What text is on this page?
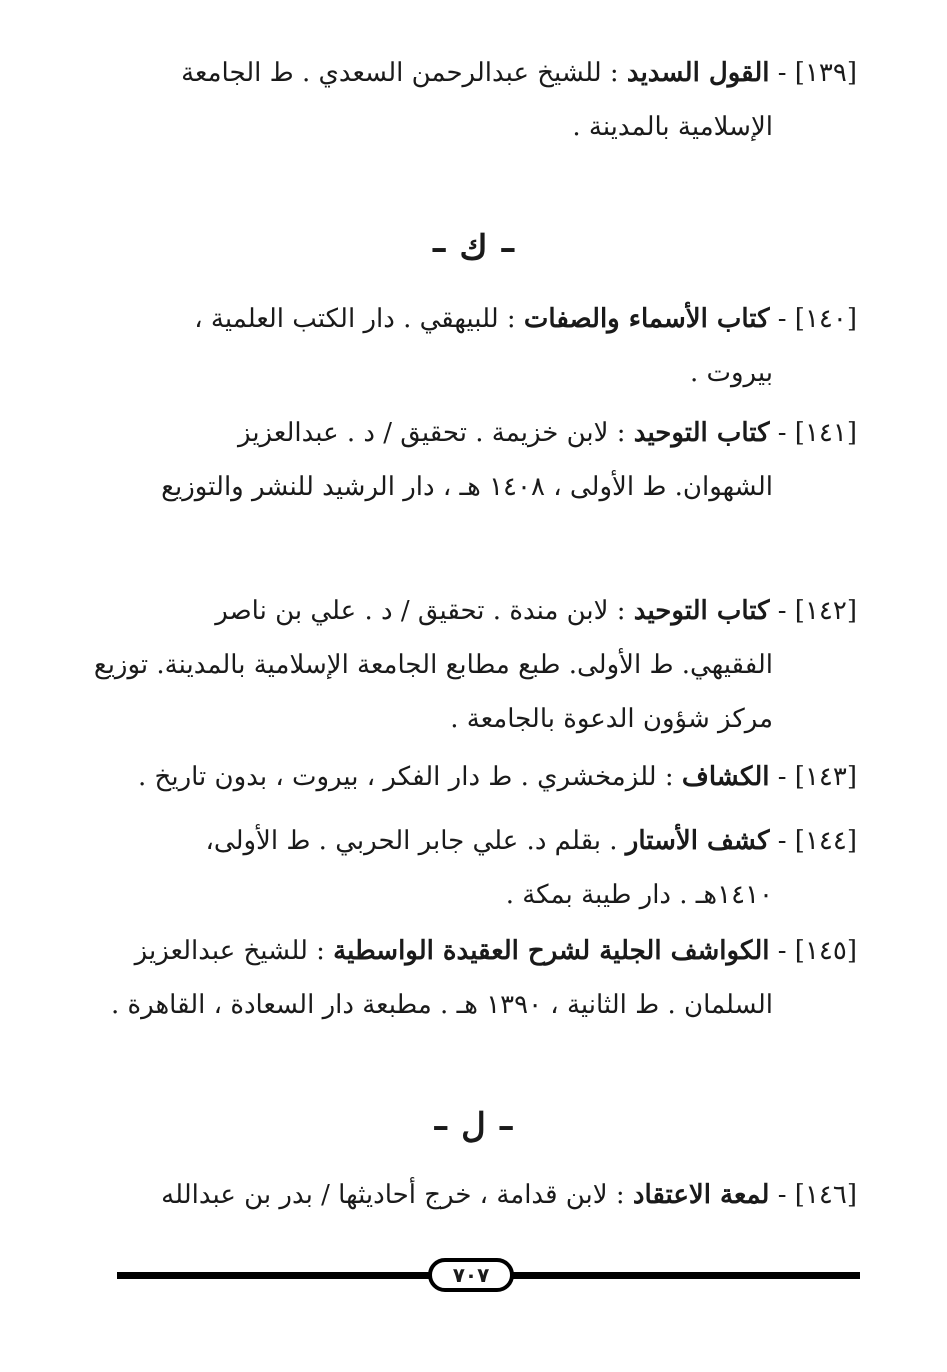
[١٣٩] - القول السديد : للشيخ عبدالرحمن السعدي . ط الجامعة
الإسلامية بالمدينة .
– ك –
[١٤٠] - كتاب الأسماء والصفات : للبيهقي . دار الكتب العلمية ،
بيروت .
[١٤١] - كتاب التوحيد : لابن خزيمة . تحقيق / د . عبدالعزيز
الشهوان. ط الأولى ، ١٤٠٨ هـ ، دار الرشيد للنشر والتوزيع
[١٤٢] - كتاب التوحيد : لابن مندة . تحقيق / د . علي بن ناصر
الفقيهي. ط الأولى. طبع مطابع الجامعة الإسلامية بالمدينة. توزيع
مركز شؤون الدعوة بالجامعة .
[١٤٣] - الكشاف : للزمخشري . ط دار الفكر ، بيروت ، بدون تاريخ .
[١٤٤] - كشف الأستار . بقلم د. علي جابر الحربي . ط الأولى،
١٤١٠هـ . دار طيبة بمكة .
[١٤٥] - الكواشف الجلية لشرح العقيدة الواسطية : للشيخ عبدالعزيز
السلمان . ط الثانية ، ١٣٩٠ هـ . مطبعة دار السعادة ، القاهرة .
– ل –
[١٤٦] - لمعة الاعتقاد : لابن قدامة ، خرج أحاديثها / بدر بن عبدالله
٧٠٧
